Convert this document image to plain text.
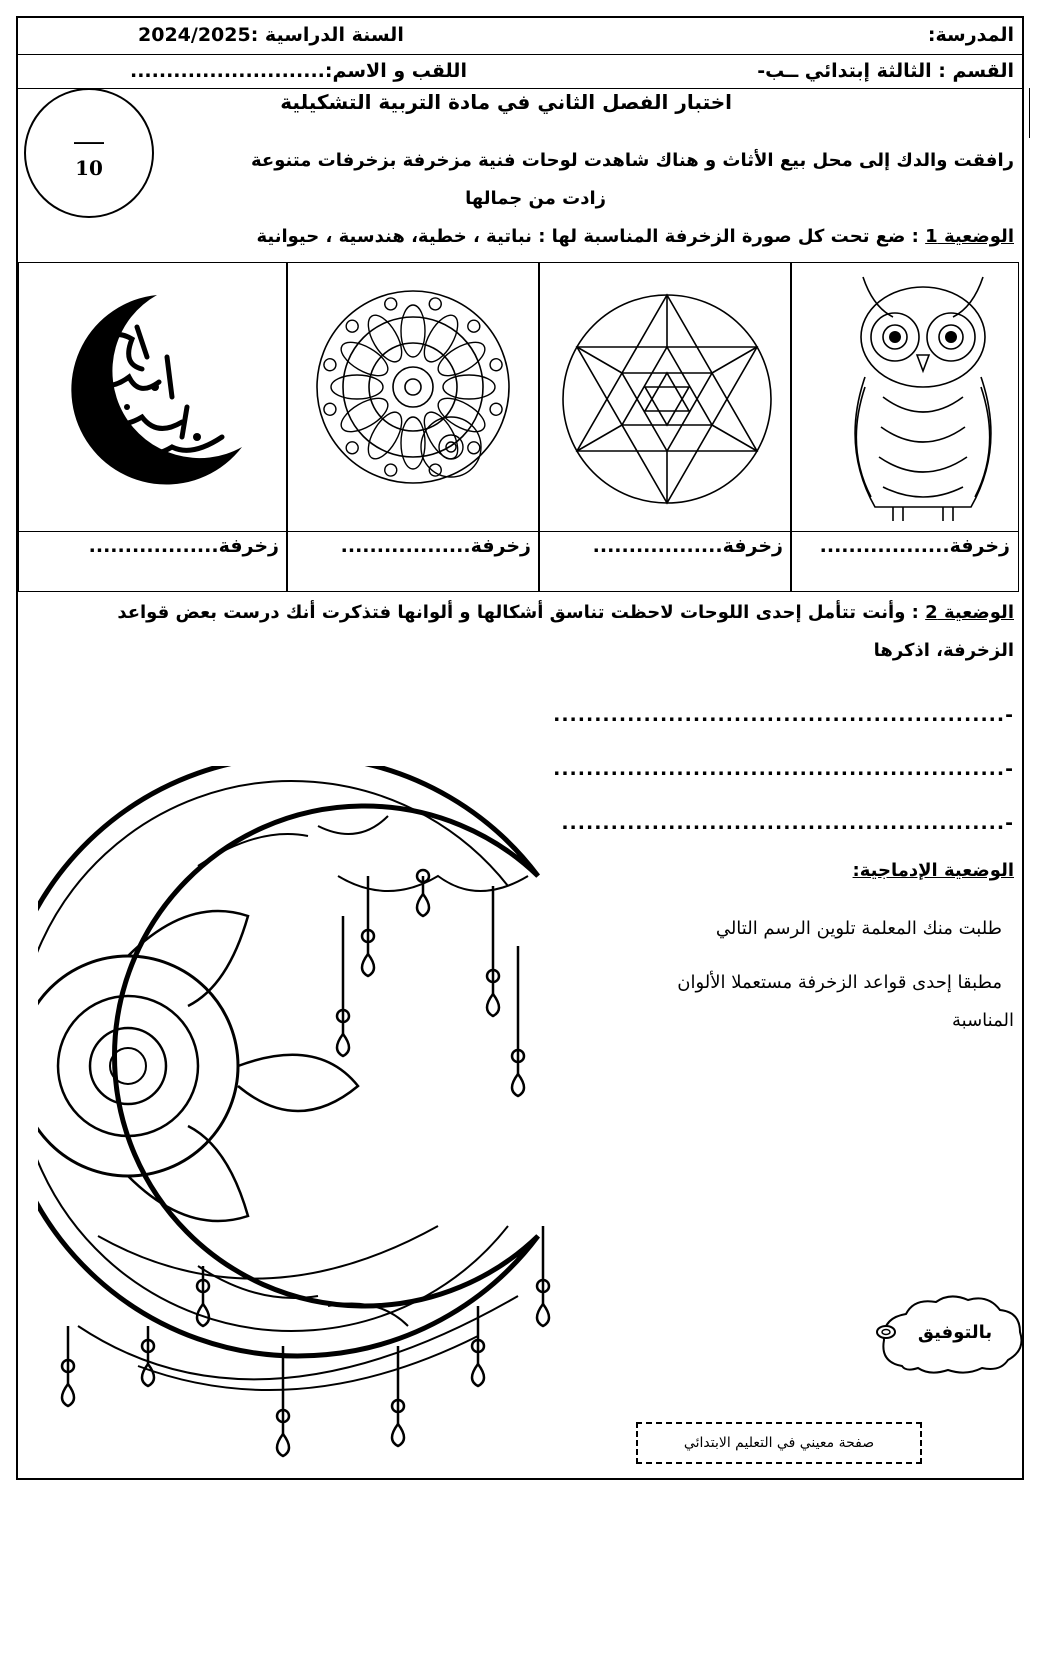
المدرسة:
السنة الدراسية :2024/2025
القسم : الثالثة إبتدائي ــب-
اللقب و الاسم:...........................
اختبار الفصل الثاني في مادة التربية التشكيلية
___
10	رافقت والدك إلى محل بيع الأثاث و هناك شاهدت لوحات فنية مزخرفة بزخرفات متنوعة
زادت من جمالها
الوضعية 1 : ضع تحت كل صورة الزخرفة المناسبة لها : نباتية ، خطية، هندسية ، حيوانية
زخرفة..................	زخرفة..................	زخرفة.................. زخرفة..................
الوضعية 2 : وأنت تتأمل إحدى اللوحات لاحظت تناسق أشكالها و ألوانها فتذكرت أنك درست بعض قواعد
الزخرفة، اذكرها
-.......................................................
-.......................................................
-......................................................
الوضعية الإدماجية:
طلبت منك المعلمة تلوين الرسم التالي
مطبقا إحدى قواعد الزخرفة مستعملا الألوان
المناسبة
بالتوفيق
صفحة معيني في التعليم الابتدائي
